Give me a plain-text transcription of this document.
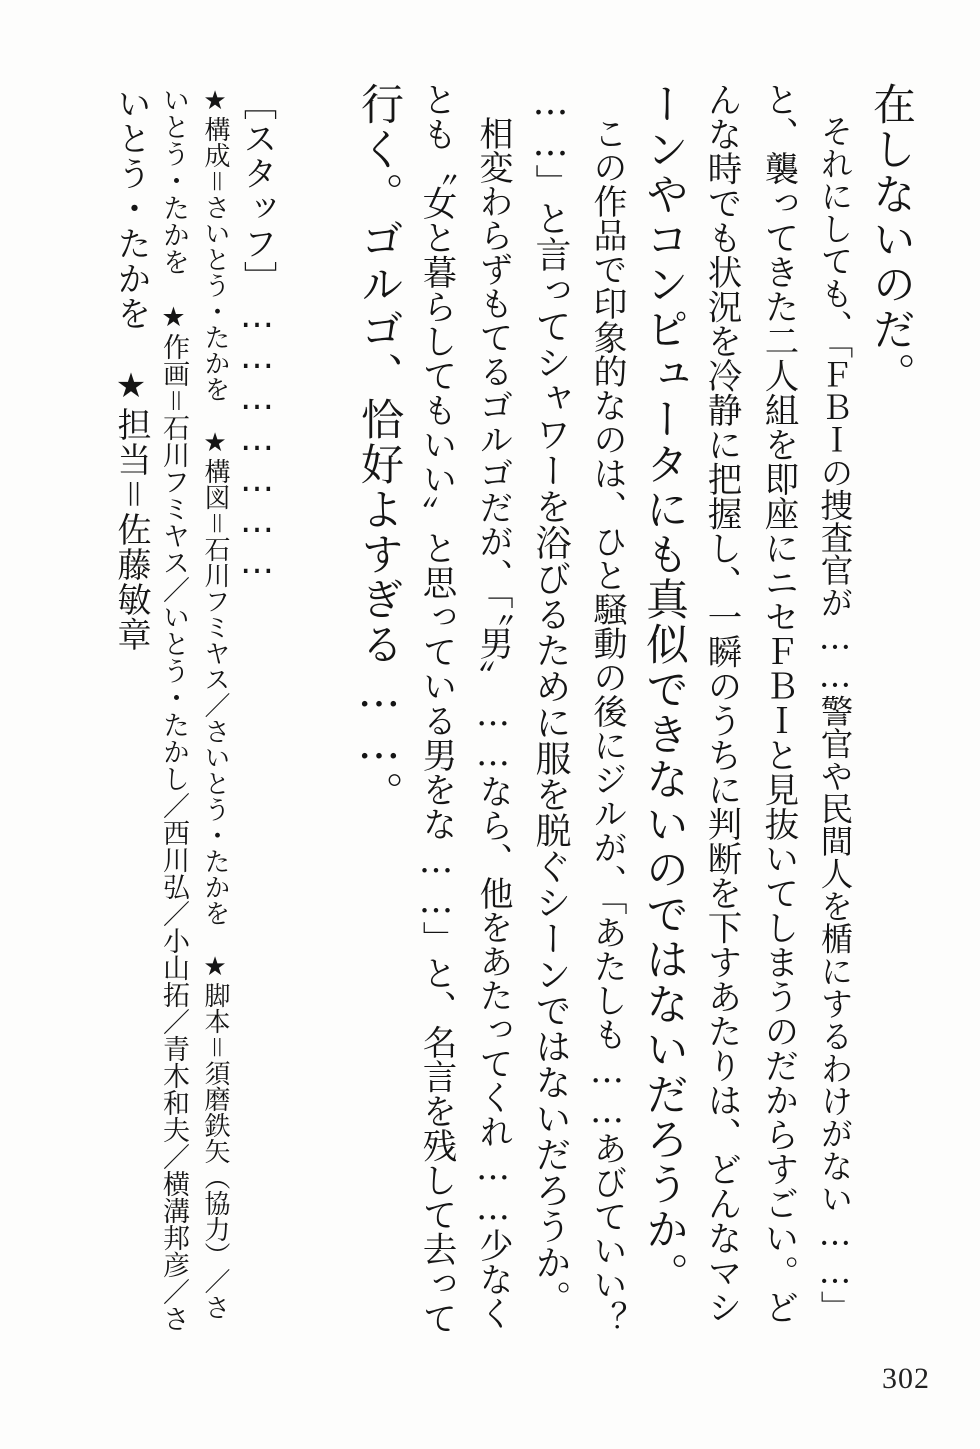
在しないのだ。
　それにしても、「ＦＢＩの捜査官が……警官や民間人を楯にするわけがない……」
と、襲ってきた二人組を即座にニセＦＢＩと見抜いてしまうのだからすごい。ど
んな時でも状況を冷静に把握し、一瞬のうちに判断を下すあたりは、どんなマシ
ーンやコンピュータにも真似できないのではないだろうか。
　この作品で印象的なのは、ひと騒動の後にジルが、「あたしも……あびていい？
……」と言ってシャワーを浴びるために服を脱ぐシーンではないだろうか。
　相変わらずもてるゴルゴだが、「〝男〟……なら、他をあたってくれ……少なく
とも〝女と暮らしてもいい〟と思っている男をな……」と、名言を残して去って
行く。ゴルゴ、恰好よすぎる……。
［スタッフ］…………………
★構成＝さいとう・たかを　★構図＝石川フミヤス／さいとう・たかを　★脚本＝須磨鉄矢（協力）／さ
いとう・たかを　★作画＝石川フミヤス／いとう・たかし／西川弘／小山拓／青木和夫／横溝邦彦／さ
いとう・たかを　★担当＝佐藤敏章
302
